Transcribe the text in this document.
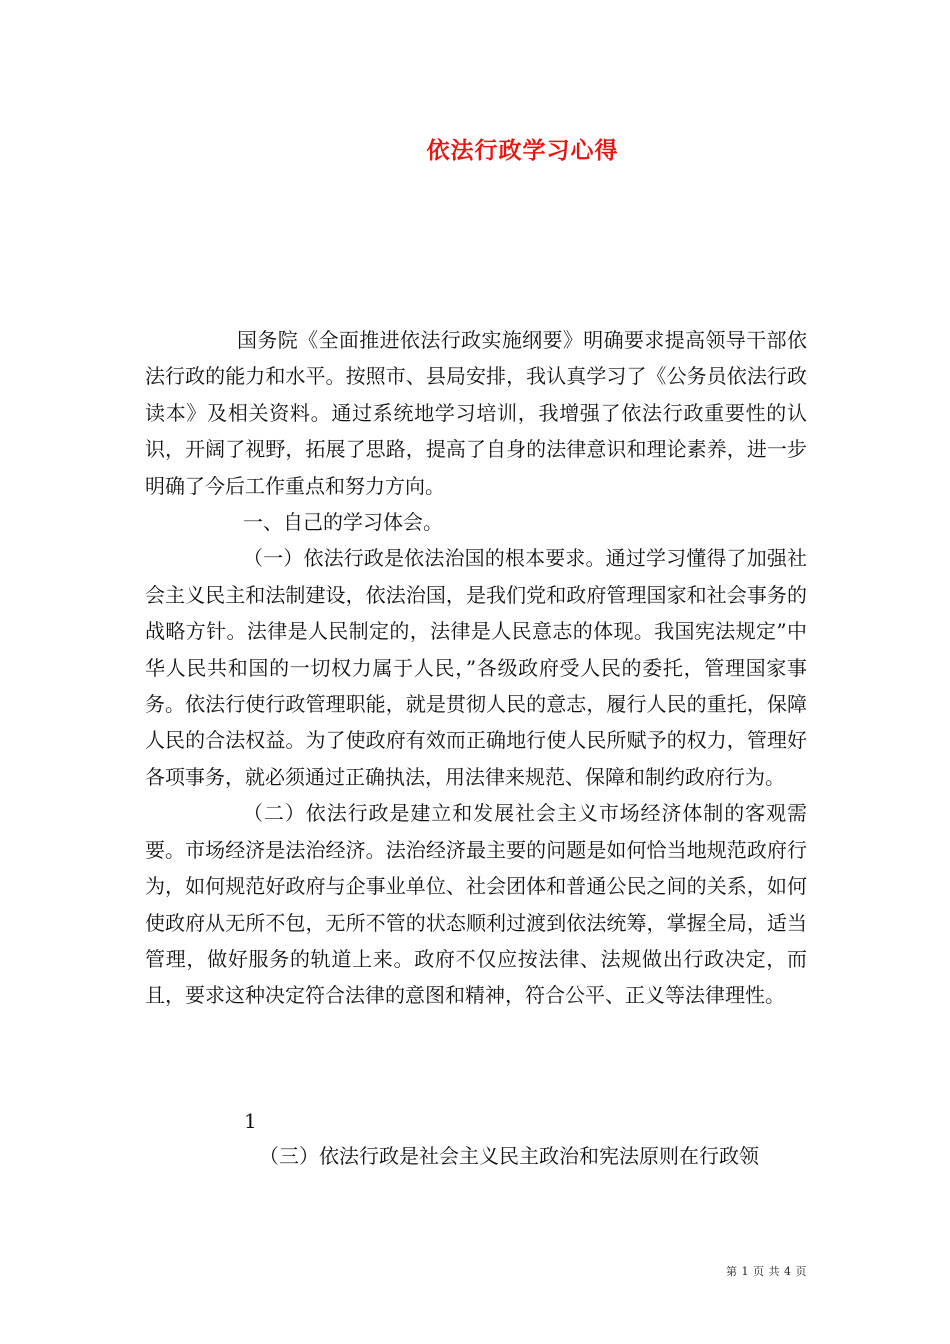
依法行政学习心得

国务院《全面推进依法行政实施纲要》明确要求提高领导干部依法行政的能力和水平。按照市、县局安排，我认真学习了《公务员依法行政读本》及相关资料。通过系统地学习培训，我增强了依法行政重要性的认识，开阔了视野，拓展了思路，提高了自身的法律意识和理论素养，进一步明确了今后工作重点和努力方向。

一、自己的学习体会。

（一）依法行政是依法治国的根本要求。通过学习懂得了加强社会主义民主和法制建设，依法治国，是我们党和政府管理国家和社会事务的战略方针。法律是人民制定的，法律是人民意志的体现。我国宪法规定”中华人民共和国的一切权力属于人民，”各级政府受人民的委托，管理国家事务。依法行使行政管理职能，就是贯彻人民的意志，履行人民的重托，保障人民的合法权益。为了使政府有效而正确地行使人民所赋予的权力，管理好各项事务，就必须通过正确执法，用法律来规范、保障和制约政府行为。

（二）依法行政是建立和发展社会主义市场经济体制的客观需要。市场经济是法治经济。法治经济最主要的问题是如何恰当地规范政府行为，如何规范好政府与企事业单位、社会团体和普通公民之间的关系，如何使政府从无所不包，无所不管的状态顺利过渡到依法统筹，掌握全局，适当管理，做好服务的轨道上来。政府不仅应按法律、法规做出行政决定，而且，要求这种决定符合法律的意图和精神，符合公平、正义等法律理性。

1
（三）依法行政是社会主义民主政治和宪法原则在行政领
第 1 页 共 4 页
